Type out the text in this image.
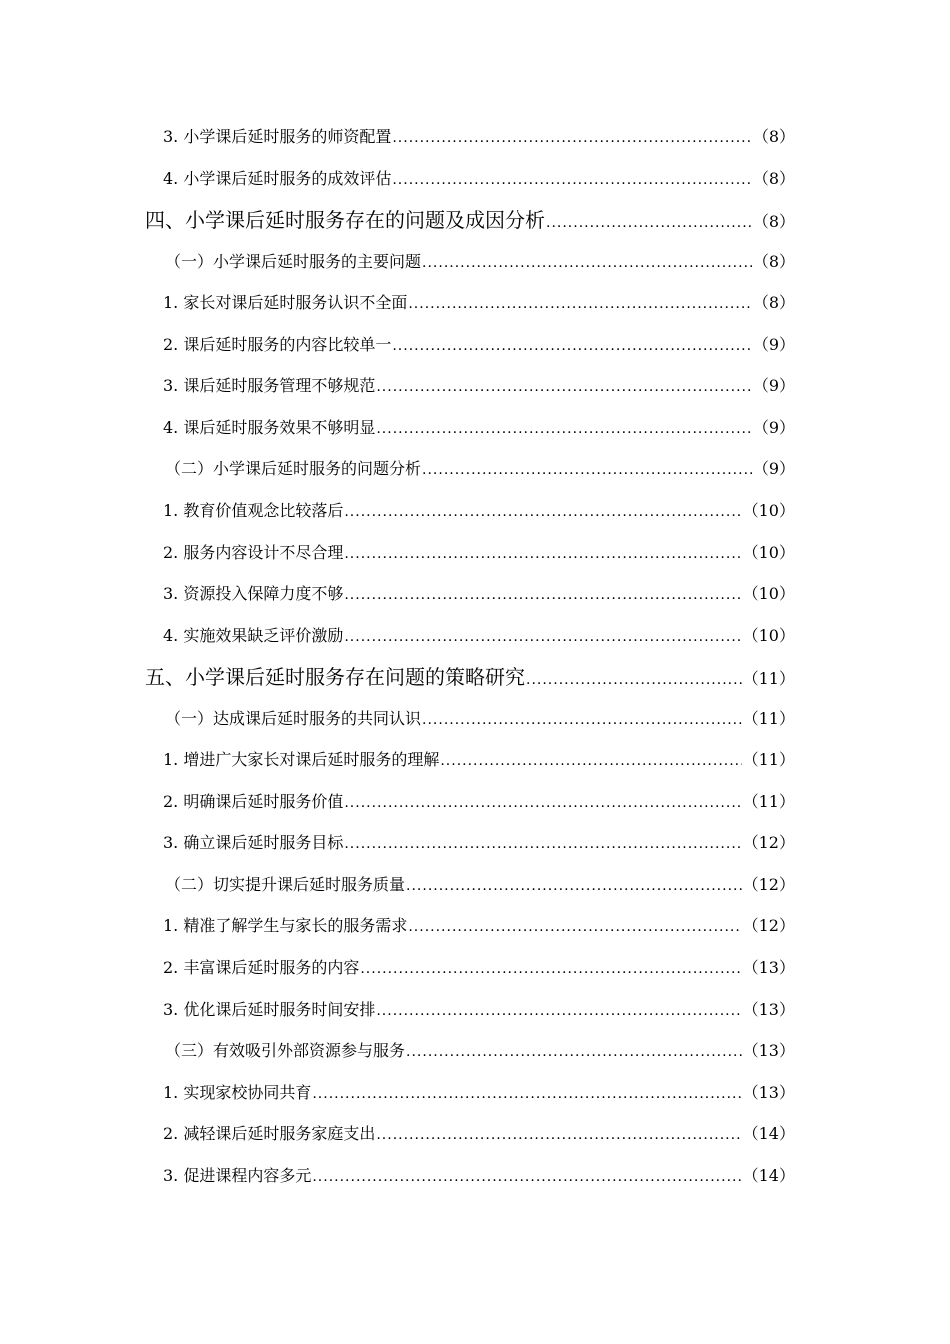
3. 小学课后延时服务的师资配置 .....	（8）
4. 小学课后延时服务的成效评估 .....	（8）
四、小学课后延时服务存在的问题及成因分析 .....	（8）
（一）小学课后延时服务的主要问题 .....	（8）
1. 家长对课后延时服务认识不全面 .....	（8）
2. 课后延时服务的内容比较单一 .....	（9）
3. 课后延时服务管理不够规范 .....	（9）
4. 课后延时服务效果不够明显 .....	（9）
（二）小学课后延时服务的问题分析 .....	（9）
1. 教育价值观念比较落后 .....	（10）
2. 服务内容设计不尽合理 .....	（10）
3. 资源投入保障力度不够 .....	（10）
4. 实施效果缺乏评价激励 .....	（10）
五、小学课后延时服务存在问题的策略研究 .....	（11）
（一）达成课后延时服务的共同认识 .....	（11）
1. 增进广大家长对课后延时服务的理解 .....	（11）
2. 明确课后延时服务价值 .....	（11）
3. 确立课后延时服务目标 .....	（12）
（二）切实提升课后延时服务质量 .....	（12）
1. 精准了解学生与家长的服务需求 .....	（12）
2. 丰富课后延时服务的内容 .....	（13）
3. 优化课后延时服务时间安排 .....	（13）
（三）有效吸引外部资源参与服务 .....	（13）
1. 实现家校协同共育 .....	（13）
2. 减轻课后延时服务家庭支出 .....	（14）
3. 促进课程内容多元 .....	（14）
